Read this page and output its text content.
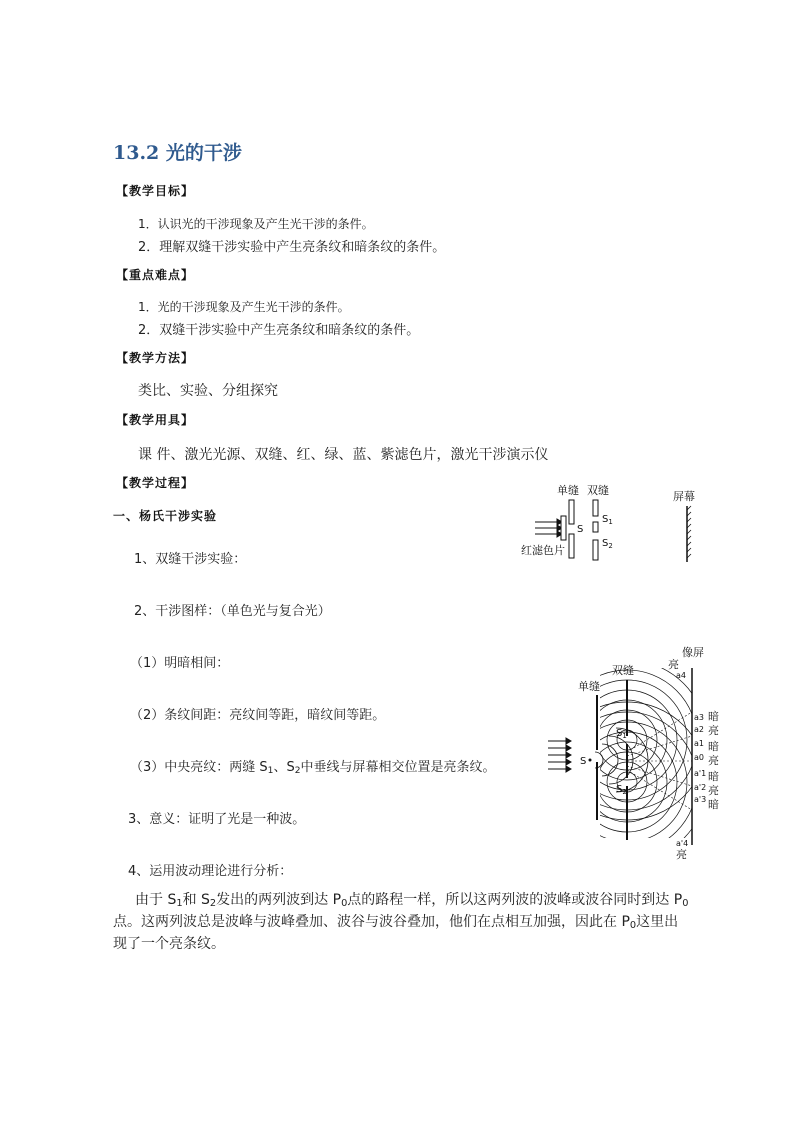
13.2 光的干涉
【教学目标】
1．认识光的干涉现象及产生光干涉的条件。
2．理解双缝干涉实验中产生亮条纹和暗条纹的条件。
【重点难点】
1．光的干涉现象及产生光干涉的条件。
2．双缝干涉实验中产生亮条纹和暗条纹的条件。
【教学方法】
类比、实验、分组探究
【教学用具】
课 件、激光光源、双缝、红、绿、蓝、紫滤色片，激光干涉演示仪
【教学过程】
一、杨氏干涉实验
1、双缝干涉实验：
2、干涉图样：（单色光与复合光）
（1）明暗相间：
（2）条纹间距：亮纹间等距，暗纹间等距。
（3）中央亮纹：两缝 $S_1$、$S_2$中垂线与屏幕相交位置是亮条纹。
3、意义：证明了光是一种波。
4、运用波动理论进行分析：
由于 $S_1$和 $S_2$发出的两列波到达 $P_0$点的路程一样，所以这两列波的波峰或波谷同时到达 $P_0$
点。这两列波总是波峰与波峰叠加、波谷与波谷叠加，他们在点相互加强，因此在 $P_0$这里出
现了一个亮条纹。
单缝 双缝	屏幕
红滤色片
S
$S_1$
$S_2$
像屏
双缝
单缝
亮
a4
S
$S_1$
$S_2$
a3
a2
a1
a0
a'1
a'2
a'3
暗
亮
暗
亮
暗
亮
暗
a'4
亮
